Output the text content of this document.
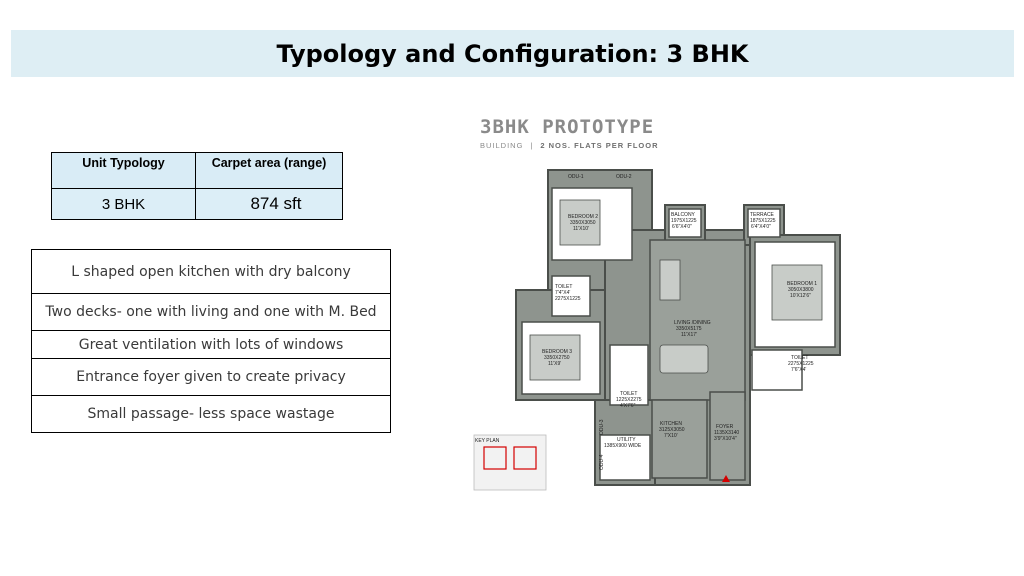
Typology and Configuration: 3 BHK
Unit Typology	Carpet area (range)
3 BHK	874 sft
L shaped open kitchen with dry balcony
Two decks- one with living and one with M. Bed
Great ventilation with lots of windows
Entrance foyer given to create privacy
Small passage- less space wastage
3BHK PROTOTYPE
BUILDING | 2 NOS. FLATS PER FLOOR
KEY PLAN
ODU-1	ODU-2
BEDROOM 2
3350X3050
11'X10'
BALCONY
1975X1225
6'6"X4'0"
TERRACE
1875X1225
6'4"X4'0"
BEDROOM 1
3050X3800
10'X12'6"
TOILET
7'4"X4'
2275X1225
LIVING /DINING
3350X5175
11'X17'
BEDROOM 3
3350X2750
11'X9'
TOILET
2275X1225
7'6"X4'
TOILET
1225X2275
4'X7'6"
KITCHEN
3125X3050
7'X10'
FOYER
1135X3140
3'9"X10'4"
UTILITY
1385X900 WIDE
ODU-3
ODU-4
